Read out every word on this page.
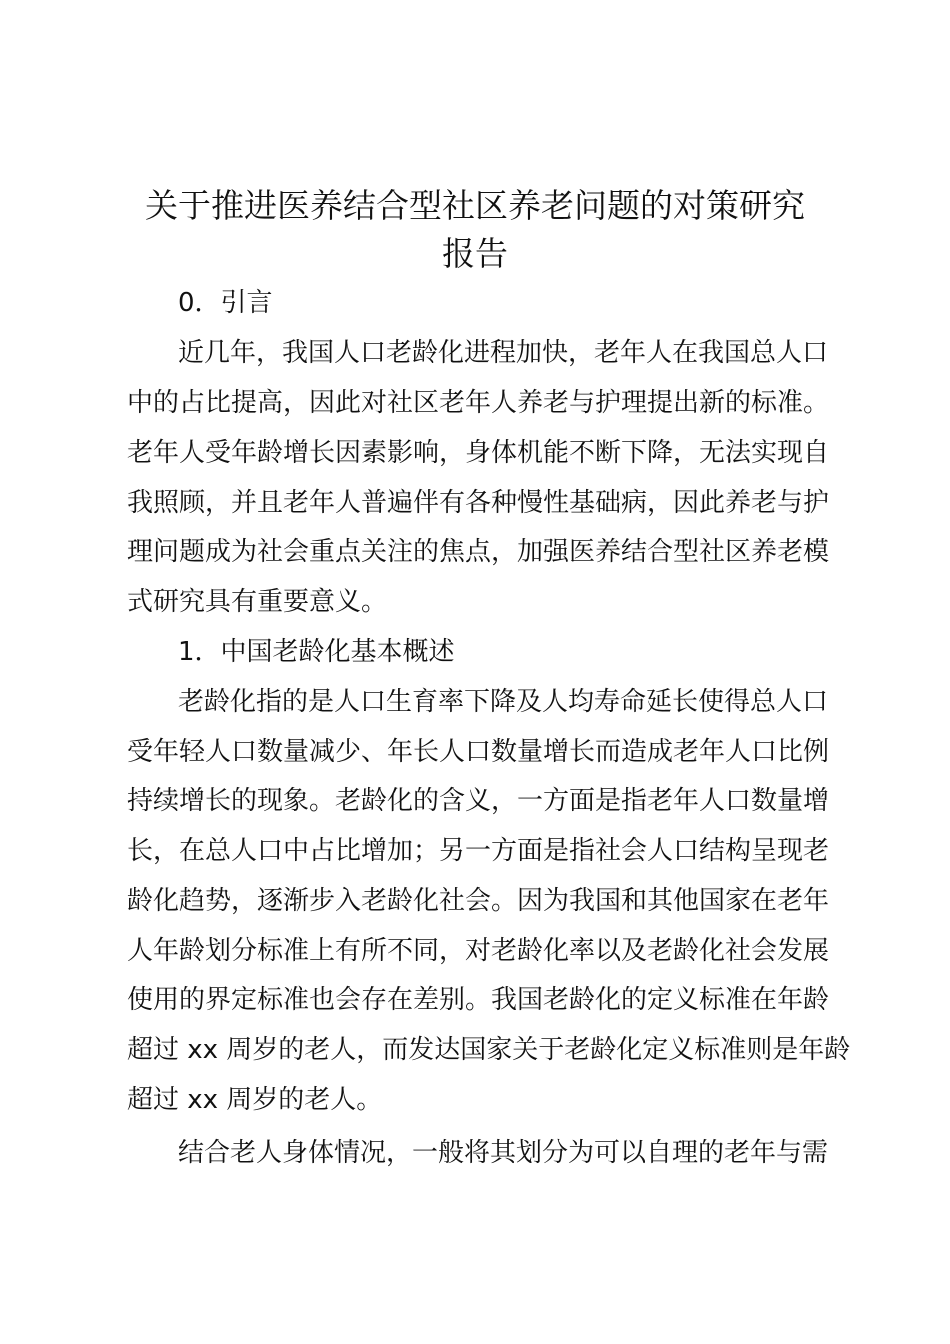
关于推进医养结合型社区养老问题的对策研究
报告
0．引言
近几年，我国人口老龄化进程加快，老年人在我国总人口
中的占比提高，因此对社区老年人养老与护理提出新的标准。
老年人受年龄增长因素影响，身体机能不断下降，无法实现自
我照顾，并且老年人普遍伴有各种慢性基础病，因此养老与护
理问题成为社会重点关注的焦点，加强医养结合型社区养老模
式研究具有重要意义。
1．中国老龄化基本概述
老龄化指的是人口生育率下降及人均寿命延长使得总人口
受年轻人口数量减少、年长人口数量增长而造成老年人口比例
持续增长的现象。老龄化的含义，一方面是指老年人口数量增
长，在总人口中占比增加；另一方面是指社会人口结构呈现老
龄化趋势，逐渐步入老龄化社会。因为我国和其他国家在老年
人年龄划分标准上有所不同，对老龄化率以及老龄化社会发展
使用的界定标准也会存在差别。我国老龄化的定义标准在年龄
超过 xx 周岁的老人，而发达国家关于老龄化定义标准则是年龄
超过 xx 周岁的老人。
结合老人身体情况，一般将其划分为可以自理的老年与需
